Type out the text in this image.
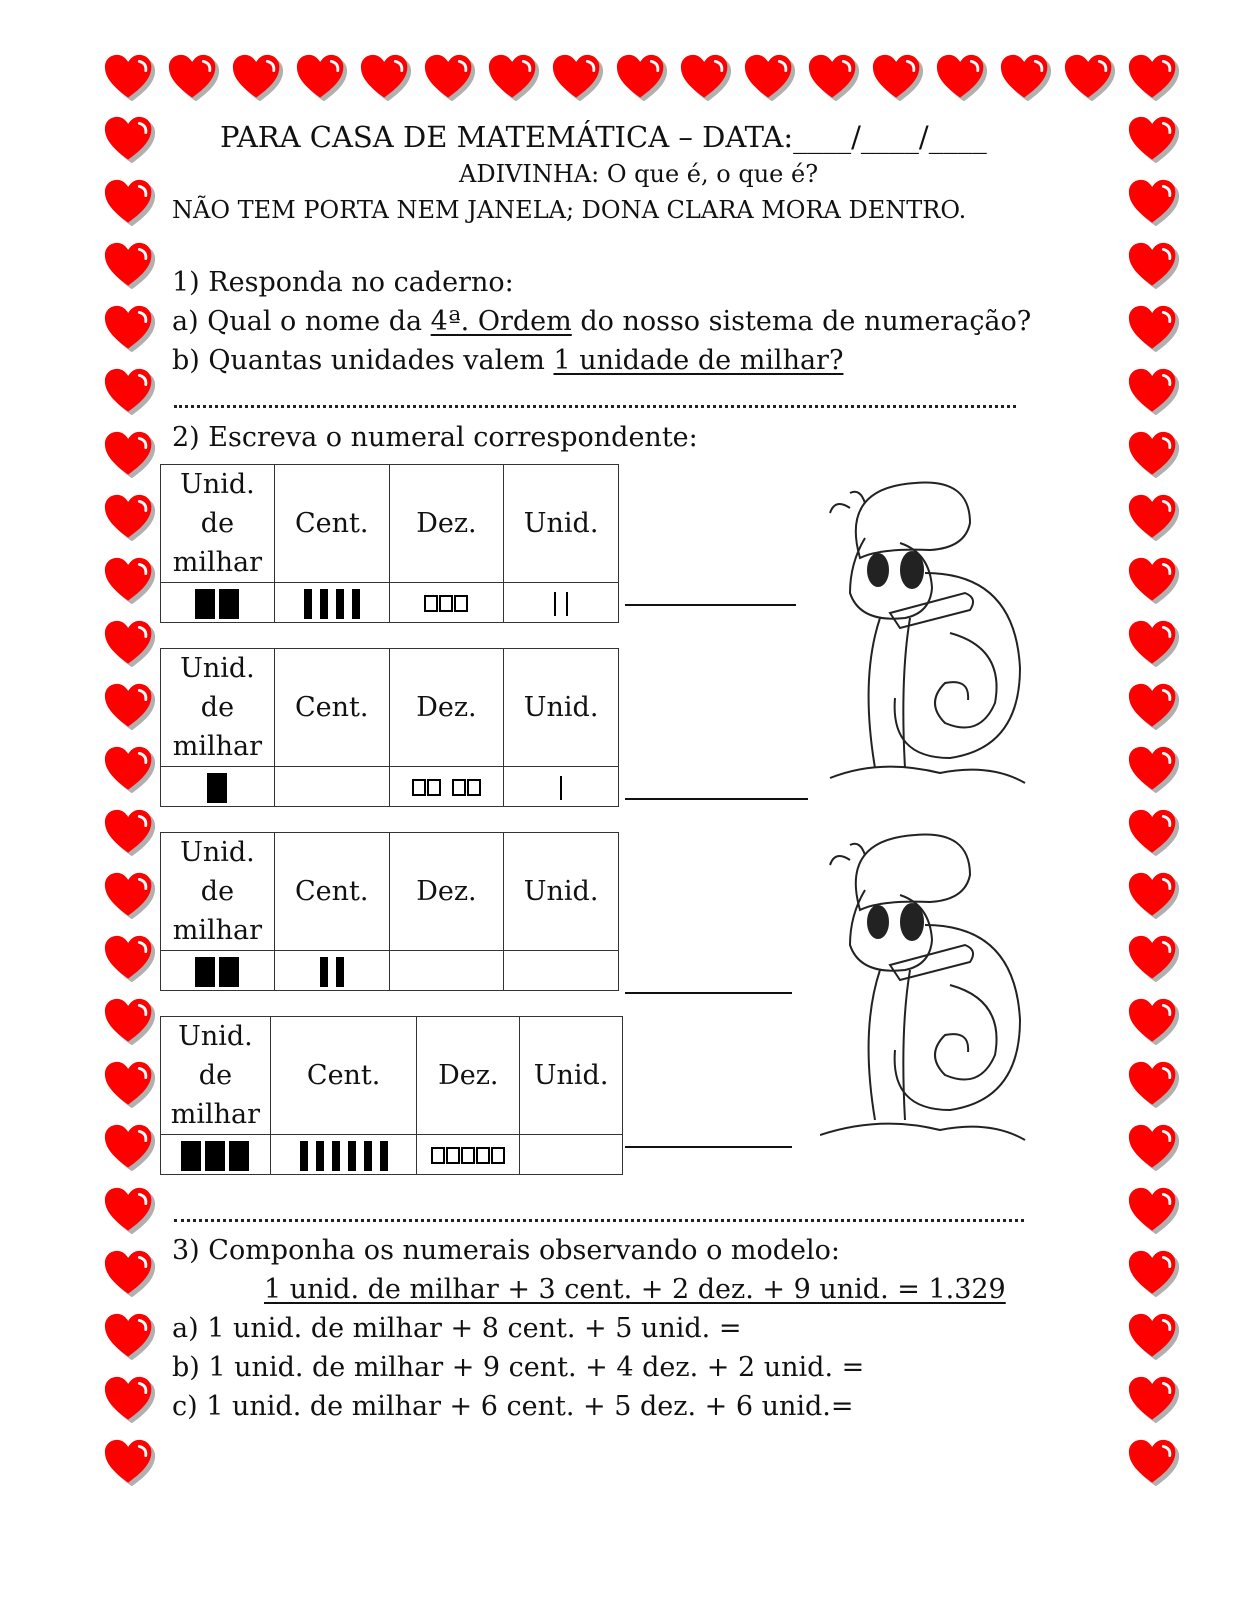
PARA CASA DE MATEMÁTICA – DATA:____/____/____
ADIVINHA: O que é, o que é?
NÃO TEM PORTA NEM JANELA; DONA CLARA MORA DENTRO.
1) Responda no caderno:
a) Qual o nome da 4ª. Ordem do nosso sistema de numeração?
b) Quantas unidades valem 1 unidade de milhar?
2) Escreva o numeral correspondente:
Unid.
de
milhar	Cent.	Dez.	Unid.

Unid.
de
milhar	Cent.	Dez.	Unid.

Unid.
de
milhar	Cent.	Dez.	Unid.

Unid.
de
milhar	Cent.	Dez.	Unid.

3) Componha os numerais observando o modelo:
1 unid. de milhar + 3 cent. + 2 dez. + 9 unid. = 1.329
a) 1 unid. de milhar + 8 cent. + 5 unid. =
b) 1 unid. de milhar + 9 cent. + 4 dez. + 2 unid. =
c) 1 unid. de milhar + 6 cent. + 5 dez. + 6 unid.=
